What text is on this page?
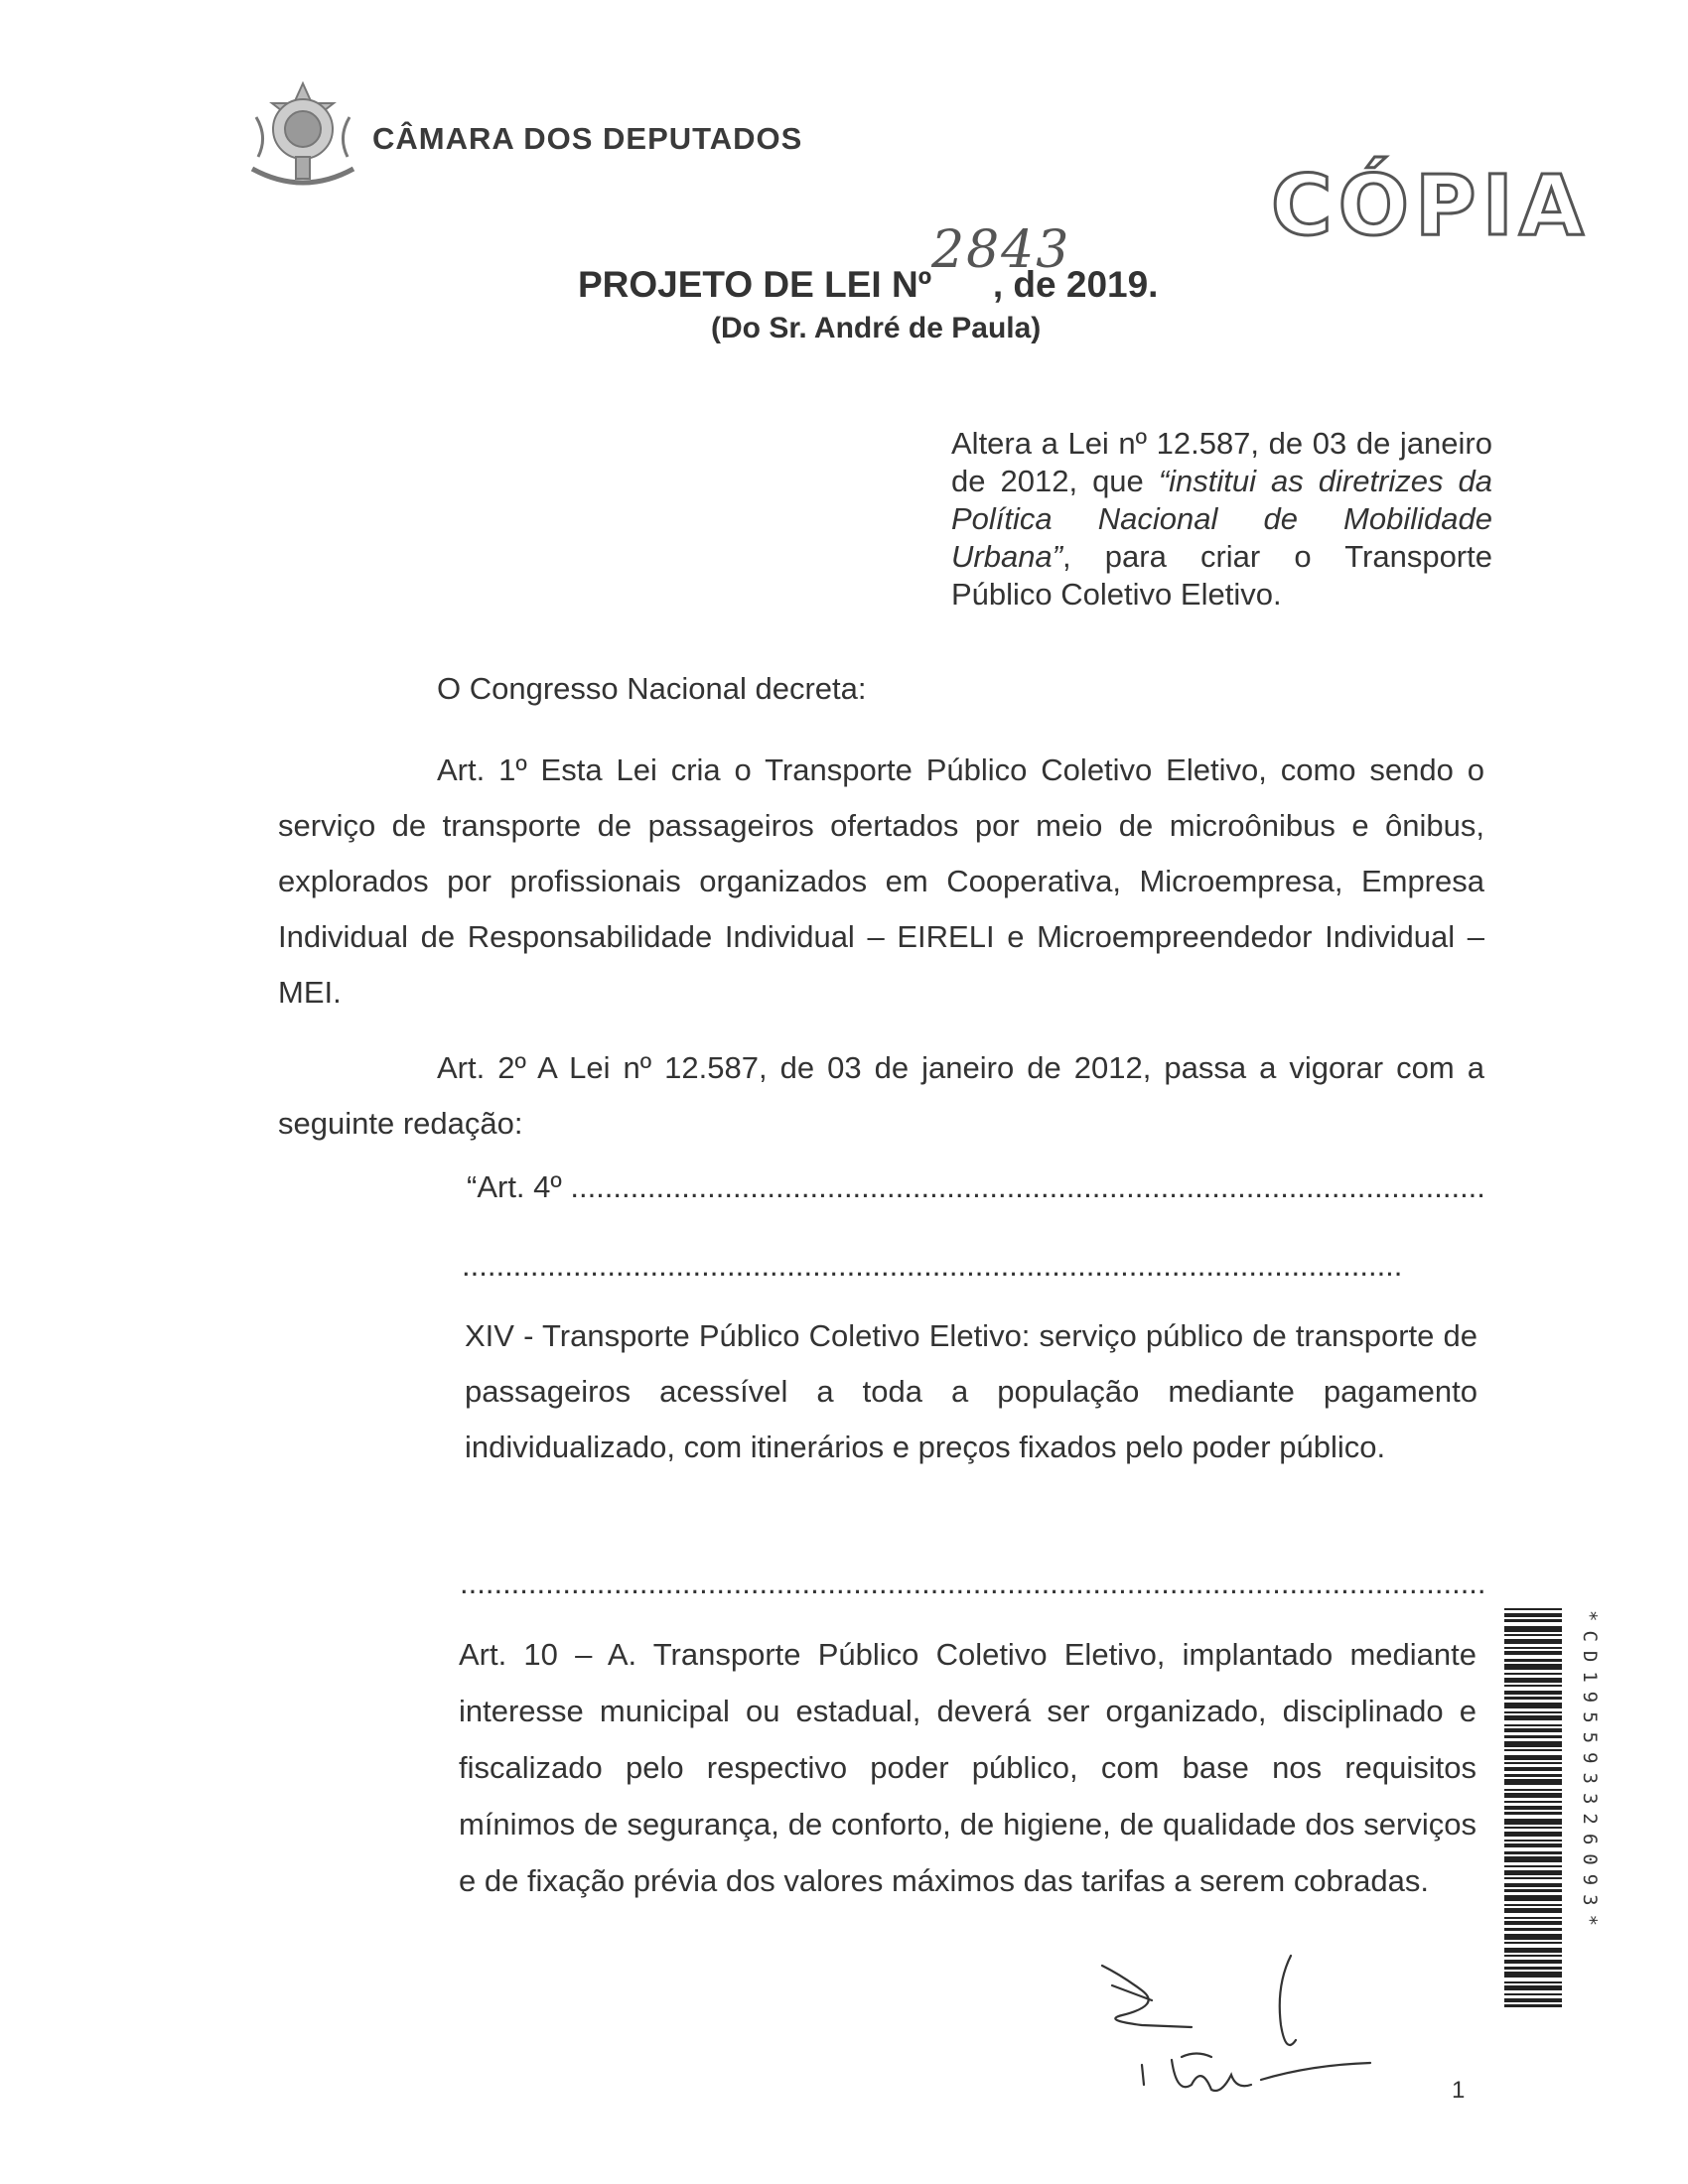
CÂMARA DOS DEPUTADOS
CÓPIA
2843
PROJETO DE LEI Nº      , de 2019.
(Do Sr. André de Paula)
Altera a Lei nº 12.587, de 03 de janeiro de 2012, que “institui as diretrizes da Política Nacional de Mobilidade Urbana”, para criar o Transporte Público Coletivo Eletivo.
O Congresso Nacional decreta:
Art. 1º Esta Lei cria o Transporte Público Coletivo Eletivo, como sendo o serviço de transporte de passageiros ofertados por meio de microônibus e ônibus, explorados por profissionais organizados em Cooperativa, Microempresa, Empresa Individual de Responsabilidade Individual – EIRELI e Microempreendedor Individual – MEI.
Art. 2º A Lei nº 12.587, de 03 de janeiro de 2012, passa a vigorar com a seguinte redação:
“Art. 4º ...........................................................................................................
..............................................................................................................
XIV - Transporte Público Coletivo Eletivo: serviço público de transporte de passageiros acessível a toda a população mediante pagamento individualizado, com itinerários e preços fixados pelo poder público.
........................................................................................................................
Art. 10 – A. Transporte Público Coletivo Eletivo, implantado mediante interesse municipal ou estadual, deverá ser organizado, disciplinado e fiscalizado pelo respectivo poder público, com base nos requisitos mínimos de segurança, de conforto, de higiene, de qualidade dos serviços e de fixação prévia dos valores máximos das tarifas a serem cobradas.	*CD195593326093*
1
